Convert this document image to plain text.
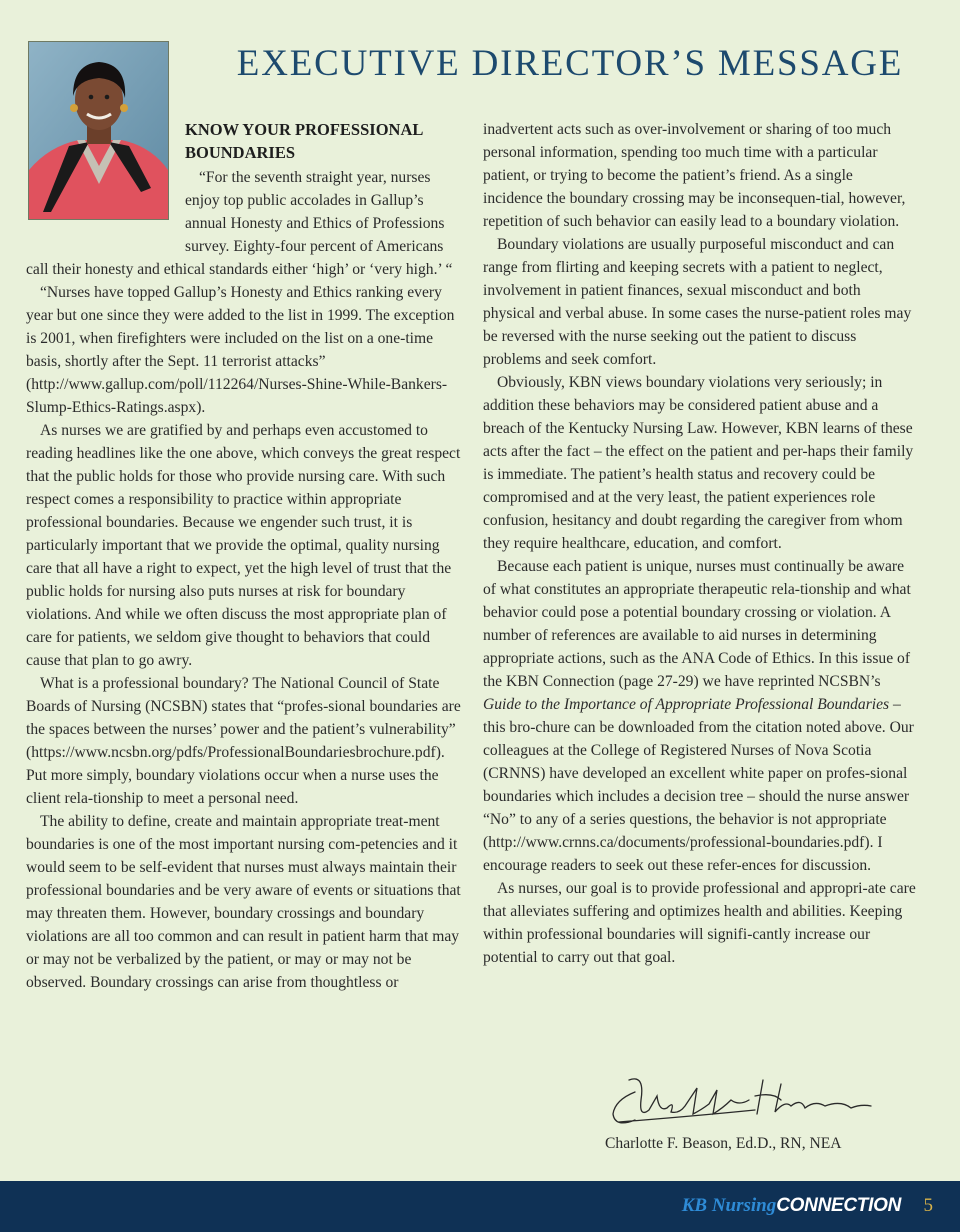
EXECUTIVE DIRECTOR’S MESSAGE
KNOW YOUR PROFESSIONAL BOUNDARIES

“For the seventh straight year, nurses enjoy top public accolades in Gallup’s annual Honesty and Ethics of Professions survey. Eighty-four percent of Americans call their honesty and ethical standards either ‘high’ or ‘very high.’ “

“Nurses have topped Gallup’s Honesty and Ethics ranking every year but one since they were added to the list in 1999. The exception is 2001, when firefighters were included on the list on a one-time basis, shortly after the Sept. 11 terrorist attacks” (http://www.gallup.com/poll/112264/Nurses-Shine-While-Bankers-Slump-Ethics-Ratings.aspx).

As nurses we are gratified by and perhaps even accustomed to reading headlines like the one above, which conveys the great respect that the public holds for those who provide nursing care. With such respect comes a responsibility to practice within appropriate professional boundaries. Because we engender such trust, it is particularly important that we provide the optimal, quality nursing care that all have a right to expect, yet the high level of trust that the public holds for nursing also puts nurses at risk for boundary violations. And while we often discuss the most appropriate plan of care for patients, we seldom give thought to behaviors that could cause that plan to go awry.

What is a professional boundary? The National Council of State Boards of Nursing (NCSBN) states that “profes-sional boundaries are the spaces between the nurses’ power and the patient’s vulnerability” (https://www.ncsbn.org/pdfs/ProfessionalBoundariesbrochure.pdf). Put more simply, boundary violations occur when a nurse uses the client rela-tionship to meet a personal need.

The ability to define, create and maintain appropriate treat-ment boundaries is one of the most important nursing com-petencies and it would seem to be self-evident that nurses must always maintain their professional boundaries and be very aware of events or situations that may threaten them. However, boundary crossings and boundary violations are all too common and can result in patient harm that may or may not be verbalized by the patient, or may or may not be observed. Boundary crossings can arise from thoughtless or

inadvertent acts such as over-involvement or sharing of too much personal information, spending too much time with a particular patient, or trying to become the patient’s friend. As a single incidence the boundary crossing may be inconsequen-tial, however, repetition of such behavior can easily lead to a boundary violation.

Boundary violations are usually purposeful misconduct and can range from flirting and keeping secrets with a patient to neglect, involvement in patient finances, sexual misconduct and both physical and verbal abuse. In some cases the nurse-patient roles may be reversed with the nurse seeking out the patient to discuss problems and seek comfort.

Obviously, KBN views boundary violations very seriously; in addition these behaviors may be considered patient abuse and a breach of the Kentucky Nursing Law. However, KBN learns of these acts after the fact – the effect on the patient and per-haps their family is immediate. The patient’s health status and recovery could be compromised and at the very least, the patient experiences role confusion, hesitancy and doubt regarding the caregiver from whom they require healthcare, education, and comfort.

Because each patient is unique, nurses must continually be aware of what constitutes an appropriate therapeutic rela-tionship and what behavior could pose a potential boundary crossing or violation. A number of references are available to aid nurses in determining appropriate actions, such as the ANA Code of Ethics. In this issue of the KBN Connection (page 27-29) we have reprinted NCSBN’s Guide to the Importance of Appropriate Professional Boundaries – this bro-chure can be downloaded from the citation noted above. Our colleagues at the College of Registered Nurses of Nova Scotia (CRNNS) have developed an excellent white paper on profes-sional boundaries which includes a decision tree – should the nurse answer “No” to any of a series questions, the behavior is not appropriate (http://www.crnns.ca/documents/professional-boundaries.pdf). I encourage readers to seek out these refer-ences for discussion.

As nurses, our goal is to provide professional and appropri-ate care that alleviates suffering and optimizes health and abilities. Keeping within professional boundaries will signifi-cantly increase our potential to carry out that goal.

Charlotte F. Beason, Ed.D., RN, NEA
KB NursingCONNECTION 5
